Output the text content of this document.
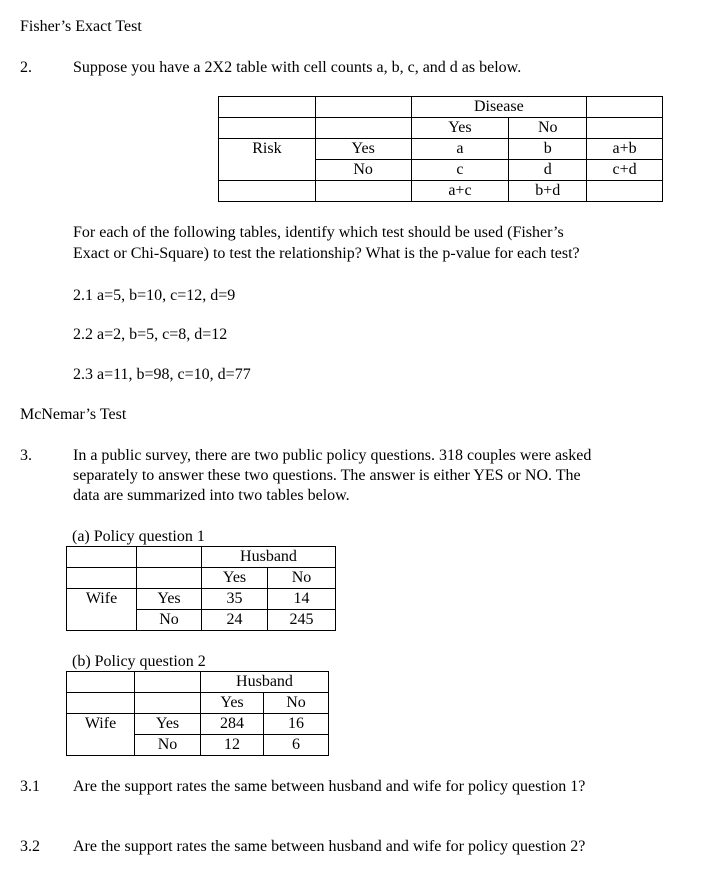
Fisher’s Exact Test
2.	Suppose you have a 2X2 table with cell counts a, b, c, and d as below.
		Disease		
		Yes	No	
Risk	Yes	a	b	a+b
	No	c	d	c+d
		a+c	b+d	
For each of the following tables, identify which test should be used (Fisher’s
Exact or Chi-Square) to test the relationship? What is the p-value for each test?
2.1 a=5, b=10, c=12, d=9
2.2 a=2, b=5, c=8, d=12
2.3 a=11, b=98, c=10, d=77
McNemar’s Test
3.	In a public survey, there are two public policy questions. 318 couples were asked
separately to answer these two questions. The answer is either YES or NO. The
data are summarized into two tables below.
(a) Policy question 1
		Husband	
		Yes	No
Wife	Yes	35	14
	No	24	245
(b) Policy question 2
		Husband	
		Yes	No
Wife	Yes	284	16
	No	12	6
3.1 Are the support rates the same between husband and wife for policy question 1?
3.2 Are the support rates the same between husband and wife for policy question 2?
